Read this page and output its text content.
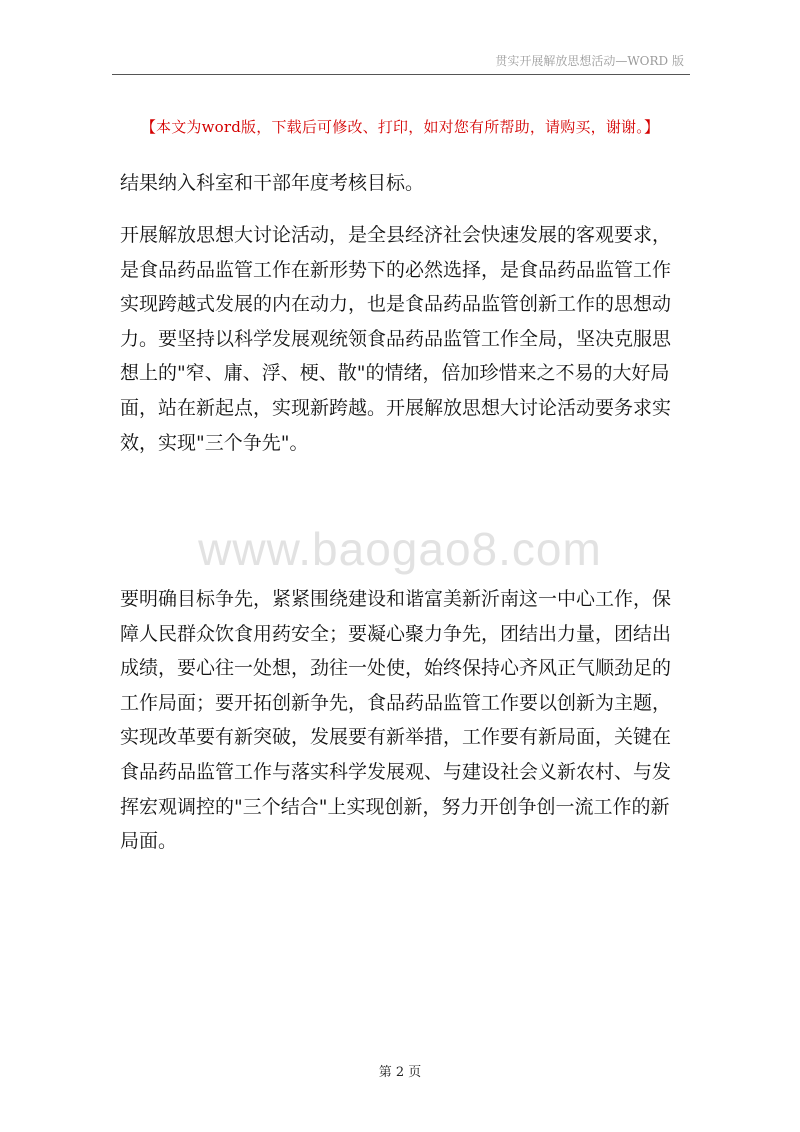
贯实开展解放思想活动—WORD 版
【本文为word版，下载后可修改、打印，如对您有所帮助，请购买，谢谢。】

结果纳入科室和干部年度考核目标。

开展解放思想大讨论活动，是全县经济社会快速发展的客观要求，是食品药品监管工作在新形势下的必然选择，是食品药品监管工作实现跨越式发展的内在动力，也是食品药品监管创新工作的思想动力。要坚持以科学发展观统领食品药品监管工作全局，坚决克服思想上的"窄、庸、浮、梗、散"的情绪，倍加珍惜来之不易的大好局面，站在新起点，实现新跨越。开展解放思想大讨论活动要务求实效，实现"三个争先"。

www.baogao8.com

要明确目标争先，紧紧围绕建设和谐富美新沂南这一中心工作，保障人民群众饮食用药安全；要凝心聚力争先，团结出力量，团结出成绩，要心往一处想，劲往一处使，始终保持心齐风正气顺劲足的工作局面；要开拓创新争先，食品药品监管工作要以创新为主题，实现改革要有新突破，发展要有新举措，工作要有新局面，关键在食品药品监管工作与落实科学发展观、与建设社会义新农村、与发挥宏观调控的"三个结合"上实现创新，努力开创争创一流工作的新局面。

第 2 页
